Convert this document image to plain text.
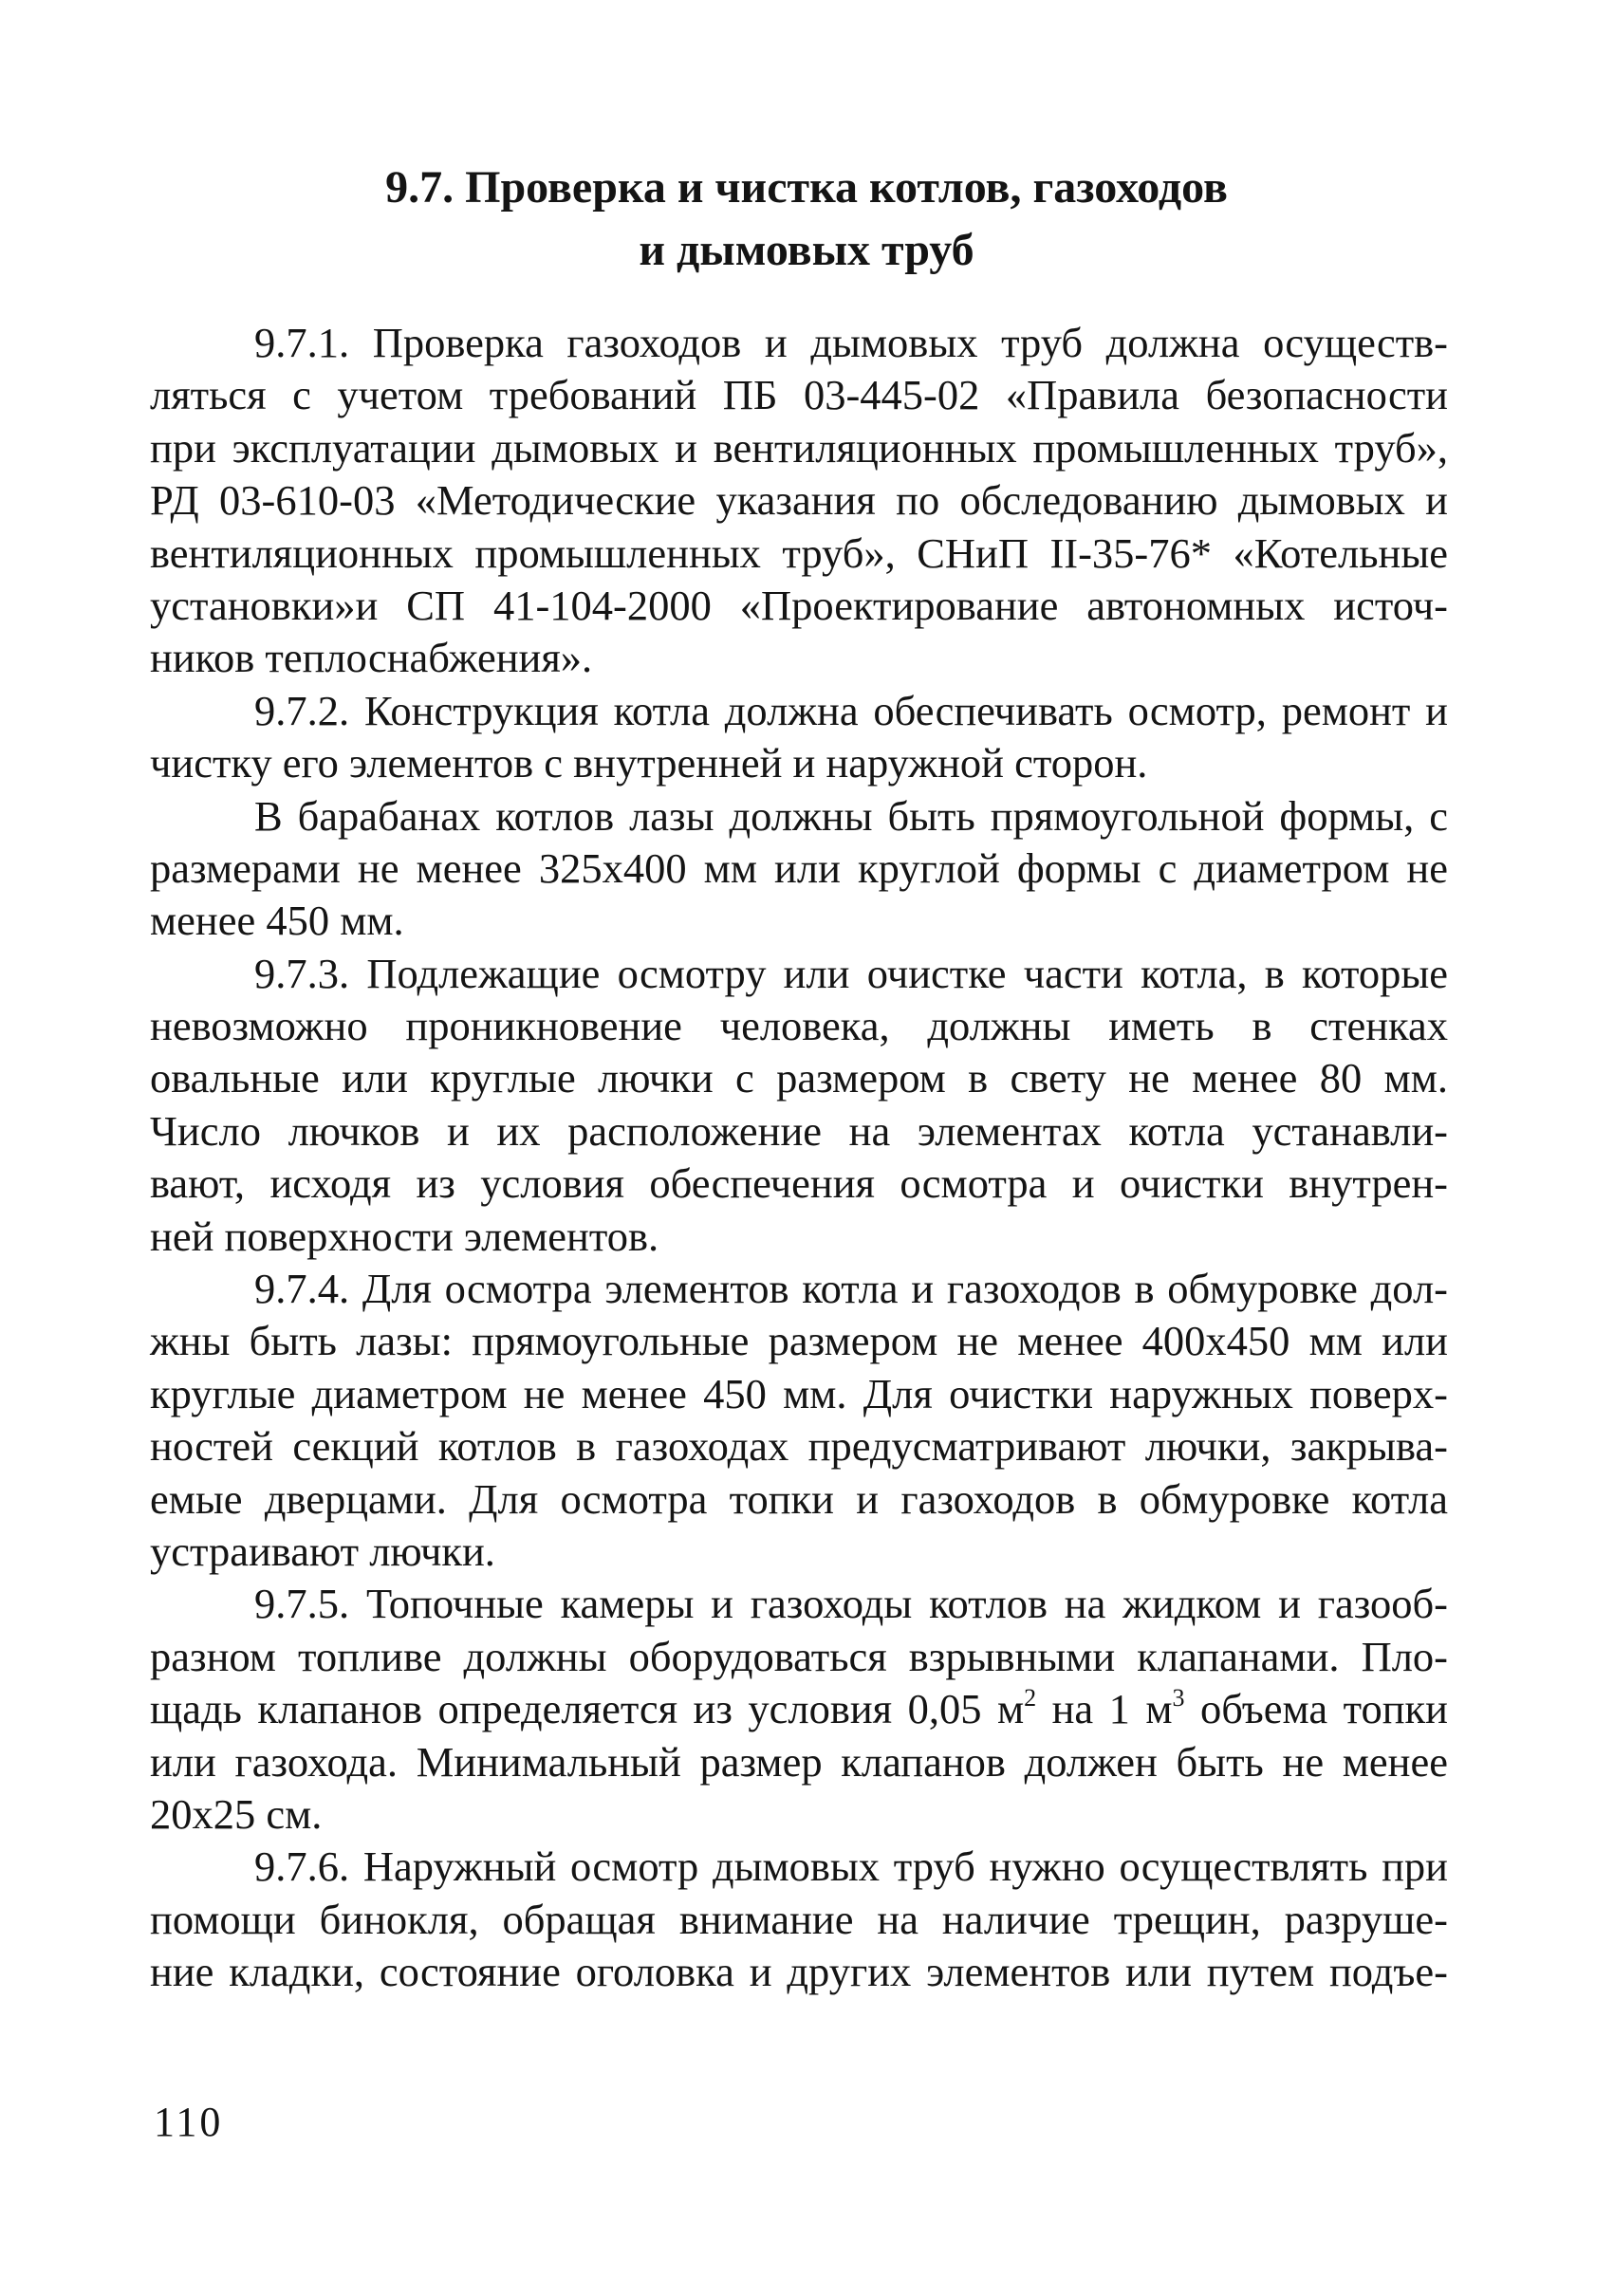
9.7. Проверка и чистка котлов, газоходов
и дымовых труб
9.7.1. Проверка газоходов и дымовых труб должна осуществ-
ляться с учетом требований ПБ 03-445-02 «Правила безопасности
при эксплуатации дымовых и вентиляционных промышленных труб»,
РД 03-610-03 «Методические указания по обследованию дымовых и
вентиляционных промышленных труб», СНиП II-35-76* «Котельные
установки»и СП 41-104-2000 «Проектирование автономных источ-
ников теплоснабжения».
9.7.2. Конструкция котла должна обеспечивать осмотр, ремонт и
чистку его элементов с внутренней и наружной сторон.
В барабанах котлов лазы должны быть прямоугольной формы, с
размерами не менее 325х400 мм или круглой формы с диаметром не
менее 450 мм.
9.7.3. Подлежащие осмотру или очистке части котла, в которые
невозможно проникновение человека, должны иметь в стенках
овальные или круглые лючки с размером в свету не менее 80 мм.
Число лючков и их расположение на элементах котла устанавли-
вают, исходя из условия обеспечения осмотра и очистки внутрен-
ней поверхности элементов.
9.7.4. Для осмотра элементов котла и газоходов в обмуровке дол-
жны быть лазы: прямоугольные размером не менее 400х450 мм или
круглые диаметром не менее 450 мм. Для очистки наружных поверх-
ностей секций котлов в газоходах предусматривают лючки, закрыва-
емые дверцами. Для осмотра топки и газоходов в обмуровке котла
устраивают лючки.
9.7.5. Топочные камеры и газоходы котлов на жидком и газооб-
разном топливе должны оборудоваться взрывными клапанами. Пло-
щадь клапанов определяется из условия 0,05 $м^2$ на 1 $м^3$ объема топки
или газохода. Минимальный размер клапанов должен быть не менее
20х25 см.
9.7.6. Наружный осмотр дымовых труб нужно осуществлять при
помощи бинокля, обращая внимание на наличие трещин, разруше-
ние кладки, состояние оголовка и других элементов или путем подъе-
110
